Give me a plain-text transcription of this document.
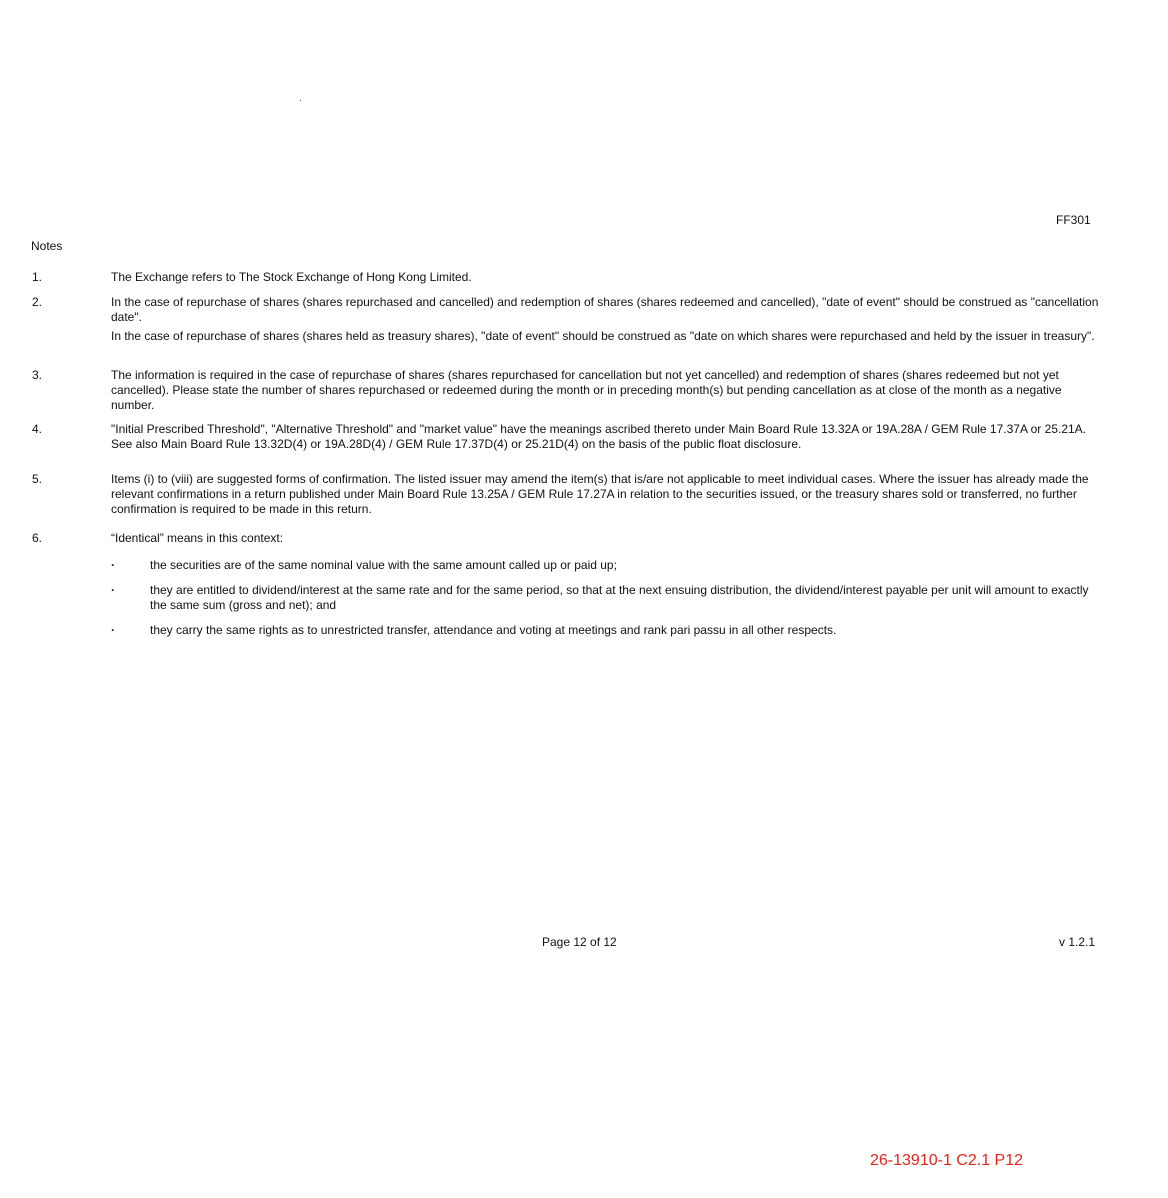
FF301
Notes
1.	The Exchange refers to The Stock Exchange of Hong Kong Limited.

2.	In the case of repurchase of shares (shares repurchased and cancelled) and redemption of shares (shares redeemed and cancelled), "date of event" should be construed as "cancellation date".

In the case of repurchase of shares (shares held as treasury shares), "date of event" should be construed as "date on which shares were repurchased and held by the issuer in treasury".

3.	The information is required in the case of repurchase of shares (shares repurchased for cancellation but not yet cancelled) and redemption of shares (shares redeemed but not yet cancelled). Please state the number of shares repurchased or redeemed during the month or in preceding month(s) but pending cancellation as at close of the month as a negative number.

4.	"Initial Prescribed Threshold", "Alternative Threshold" and "market value" have the meanings ascribed thereto under Main Board Rule 13.32A or 19A.28A / GEM Rule 17.37A or 25.21A. See also Main Board Rule 13.32D(4) or 19A.28D(4) / GEM Rule 17.37D(4) or 25.21D(4) on the basis of the public float disclosure.

5.	Items (i) to (viii) are suggested forms of confirmation. The listed issuer may amend the item(s) that is/are not applicable to meet individual cases. Where the issuer has already made the relevant confirmations in a return published under Main Board Rule 13.25A / GEM Rule 17.27A in relation to the securities issued, or the treasury shares sold or transferred, no further confirmation is required to be made in this return.

6.	“Identical” means in this context:

·	the securities are of the same nominal value with the same amount called up or paid up;
·	they are entitled to dividend/interest at the same rate and for the same period, so that at the next ensuing distribution, the dividend/interest payable per unit will amount to exactly the same sum (gross and net); and
·	they carry the same rights as to unrestricted transfer, attendance and voting at meetings and rank pari passu in all other respects.
Page 12 of 12	v 1.2.1
26-13910-1 C2.1 P12
